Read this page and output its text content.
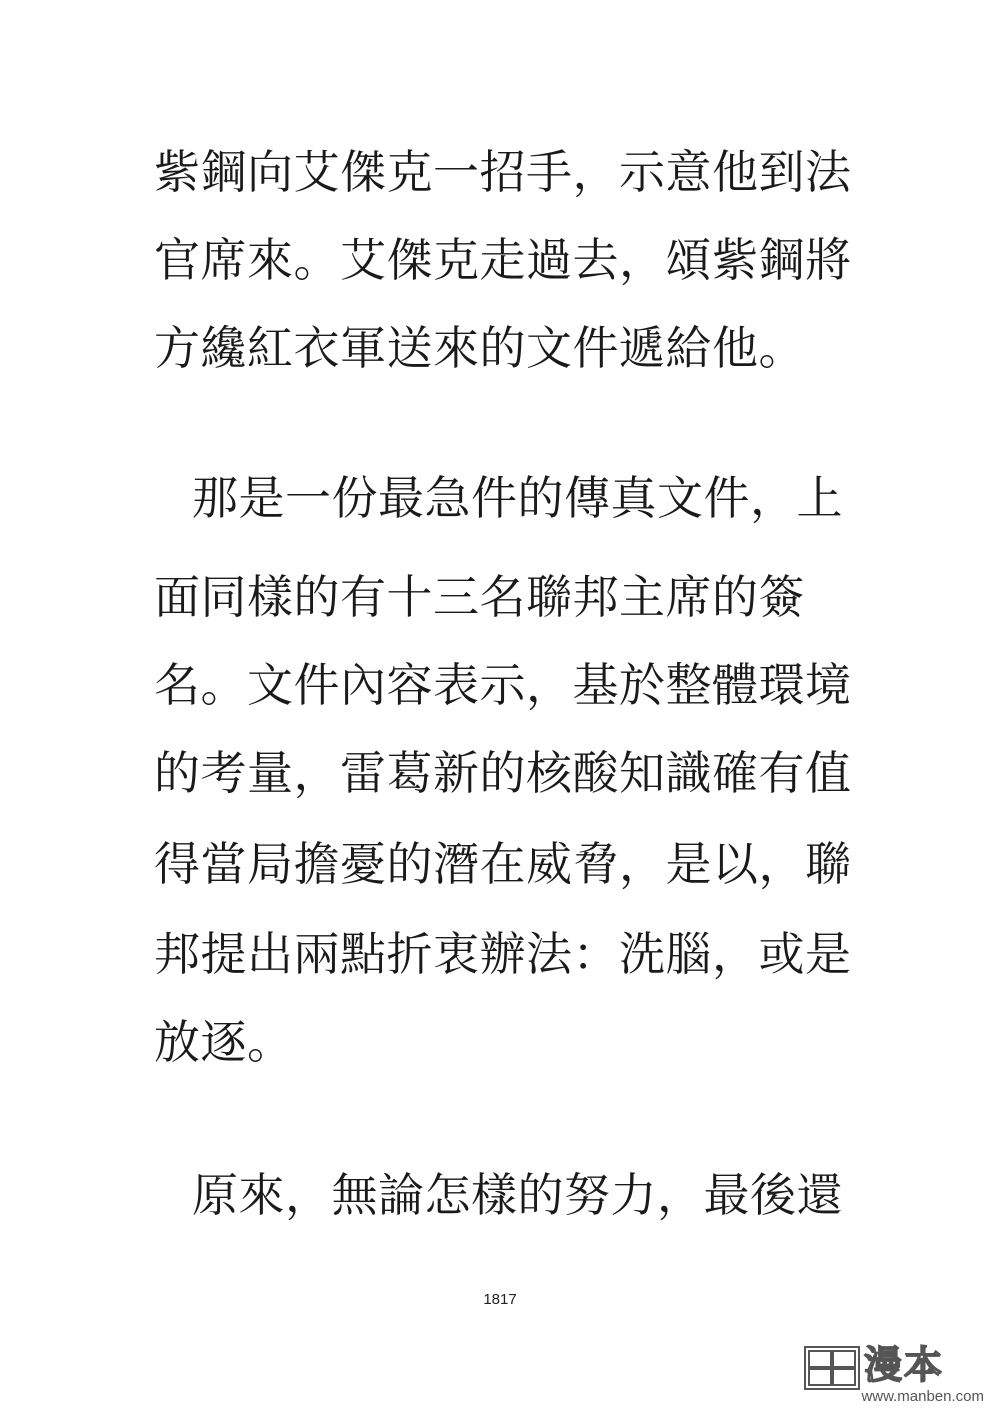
紫鋼向艾傑克一招手，示意他到法
官席來。艾傑克走過去，頌紫鋼將
方纔紅衣軍送來的文件遞給他。
那是一份最急件的傳真文件，上
面同樣的有十三名聯邦主席的簽
名。文件內容表示，基於整體環境
的考量，雷葛新的核酸知識確有值
得當局擔憂的潛在威脅，是以，聯
邦提出兩點折衷辦法：洗腦，或是
放逐。
原來，無論怎樣的努力，最後還
1817
漫本
www.manben.com
